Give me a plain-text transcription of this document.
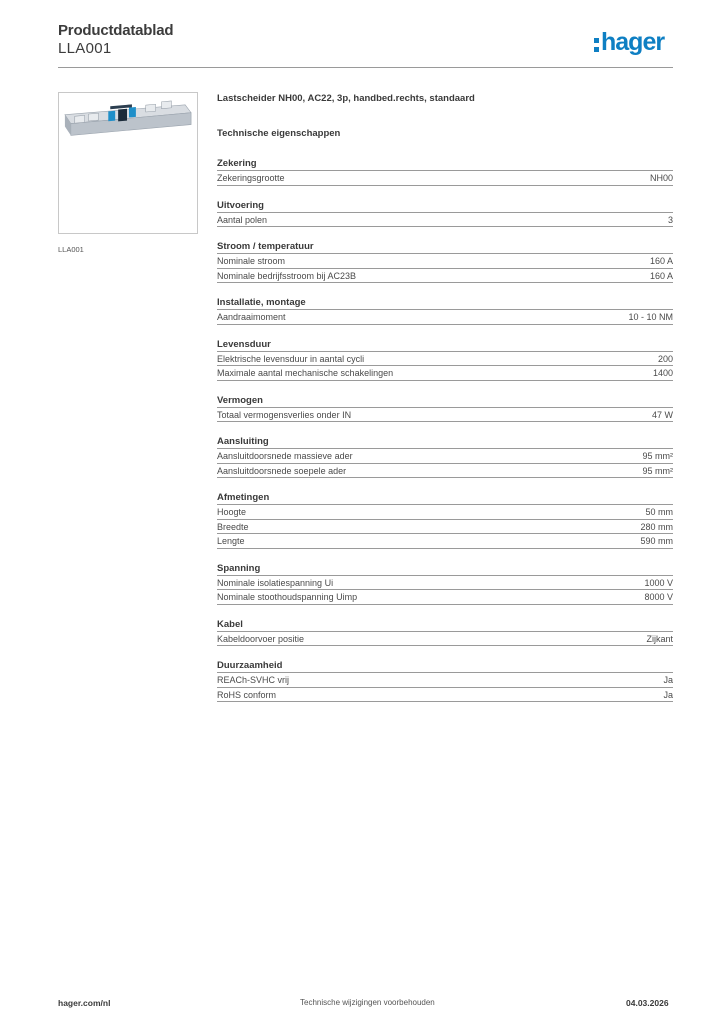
Productdatablad
LLA001	hager
LLA001
Lastscheider NH00, AC22, 3p, handbed.rechts, standaard
Technische eigenschappen
Zekering
Zekeringsgrootte	NH00
Uitvoering
Aantal polen	3
Stroom / temperatuur
Nominale stroom	160 A
Nominale bedrijfsstroom bij AC23B	160 A
Installatie, montage
Aandraaimoment	10 - 10 NM
Levensduur
Elektrische levensduur in aantal cycli	200
Maximale aantal mechanische schakelingen	1400
Vermogen
Totaal vermogensverlies onder IN	47 W
Aansluiting
Aansluitdoorsnede massieve ader	95 mm²
Aansluitdoorsnede soepele ader	95 mm²
Afmetingen
Hoogte	50 mm
Breedte	280 mm
Lengte	590 mm
Spanning
Nominale isolatiespanning Ui	1000 V
Nominale stoothoudspanning Uimp	8000 V
Kabel
Kabeldoorvoer positie	Zijkant
Duurzaamheid
REACh-SVHC vrij	Ja
RoHS conform	Ja
hager.com/nl	Technische wijzigingen voorbehouden	04.03.2026
